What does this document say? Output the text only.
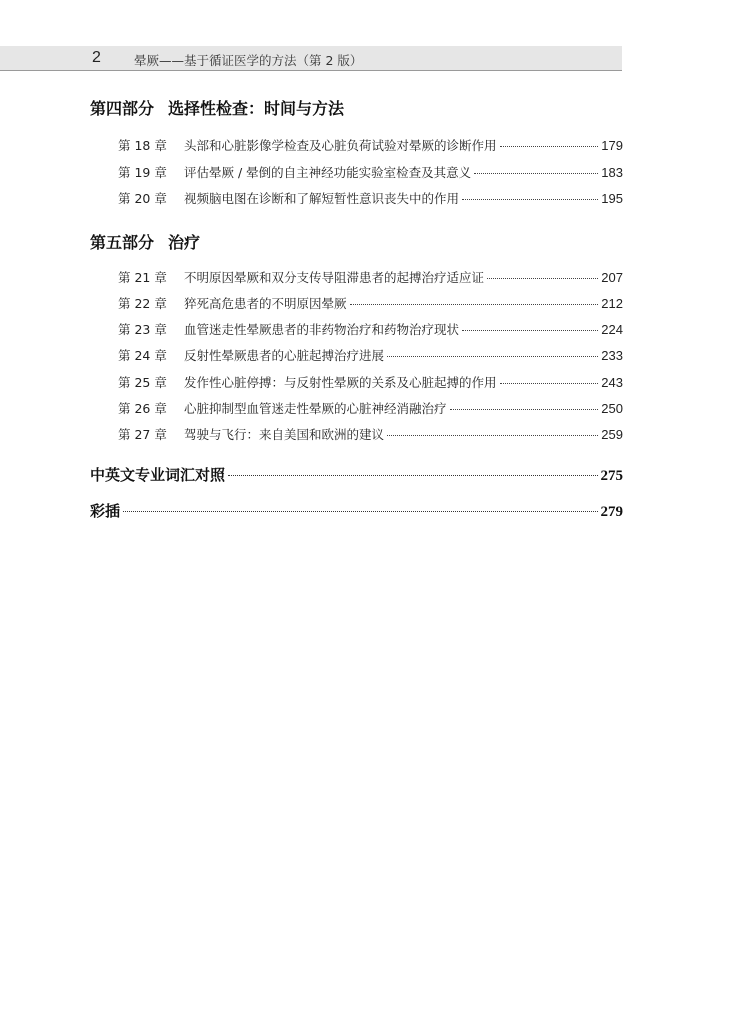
2	晕厥——基于循证医学的方法（第 2 版）
第四部分 选择性检查：时间与方法
第 18 章	头部和心脏影像学检查及心脏负荷试验对晕厥的诊断作用	179
第 19 章	评估晕厥 / 晕倒的自主神经功能实验室检查及其意义	183
第 20 章	视频脑电图在诊断和了解短暂性意识丧失中的作用	195
第五部分 治疗
第 21 章	不明原因晕厥和双分支传导阻滞患者的起搏治疗适应证	207
第 22 章	猝死高危患者的不明原因晕厥	212
第 23 章	血管迷走性晕厥患者的非药物治疗和药物治疗现状	224
第 24 章	反射性晕厥患者的心脏起搏治疗进展	233
第 25 章	发作性心脏停搏：与反射性晕厥的关系及心脏起搏的作用	243
第 26 章	心脏抑制型血管迷走性晕厥的心脏神经消融治疗	250
第 27 章	驾驶与飞行：来自美国和欧洲的建议	259
中英文专业词汇对照	275
彩插	279
